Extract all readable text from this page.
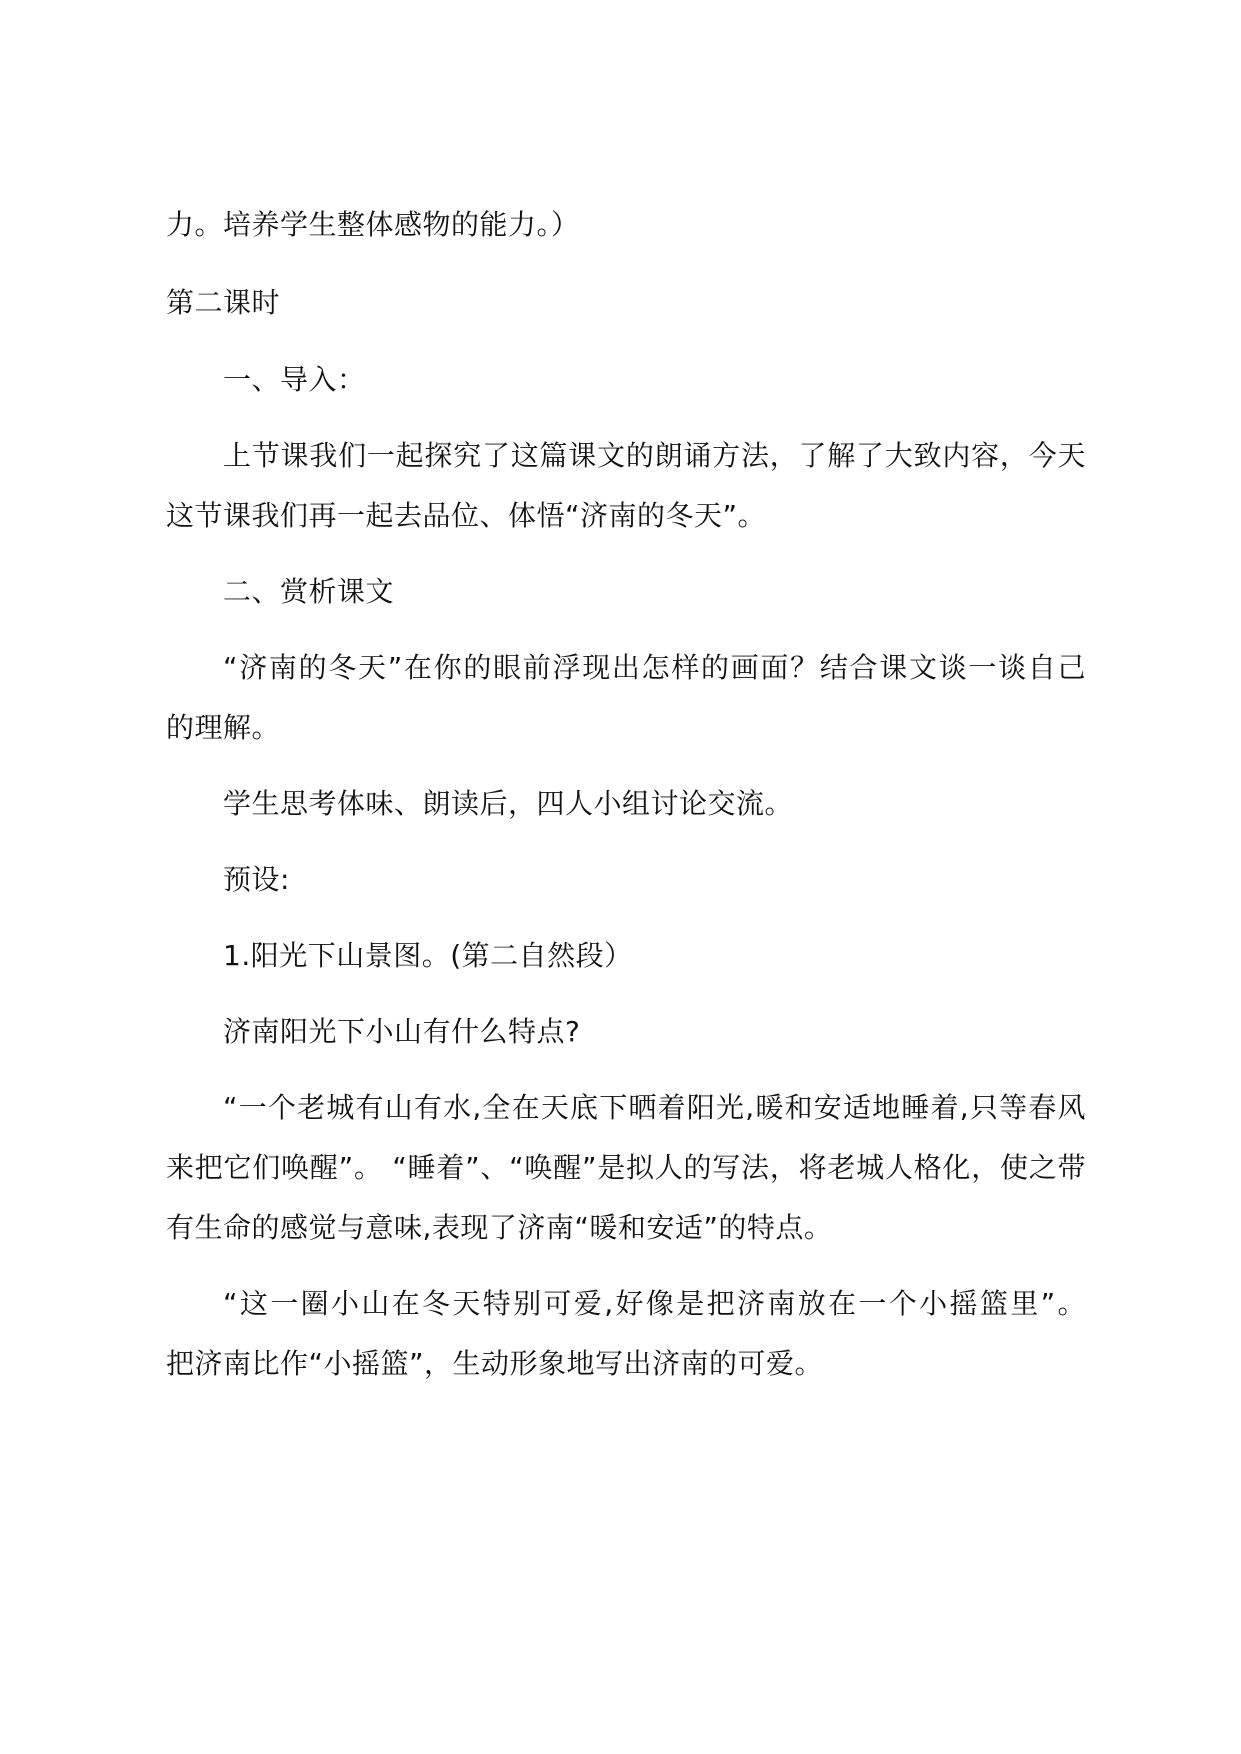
力。培养学生整体感物的能力。）
第二课时
一、导入：
上节课我们一起探究了这篇课文的朗诵方法，了解了大致内容，今天
这节课我们再一起去品位、体悟“济南的冬天”。
二、赏析课文
“济南的冬天”在你的眼前浮现出怎样的画面？结合课文谈一谈自己
的理解。
学生思考体味、朗读后，四人小组讨论交流。
预设:
1.阳光下山景图。(第二自然段）
济南阳光下小山有什么特点?
“一个老城有山有水,全在天底下晒着阳光,暖和安适地睡着,只等春风
来把它们唤醒”。 “睡着”、“唤醒”是拟人的写法，将老城人格化，使之带
有生命的感觉与意味,表现了济南“暖和安适”的特点。
“这一圈小山在冬天特别可爱,好像是把济南放在一个小摇篮里”。
把济南比作“小摇篮”，生动形象地写出济南的可爱。
